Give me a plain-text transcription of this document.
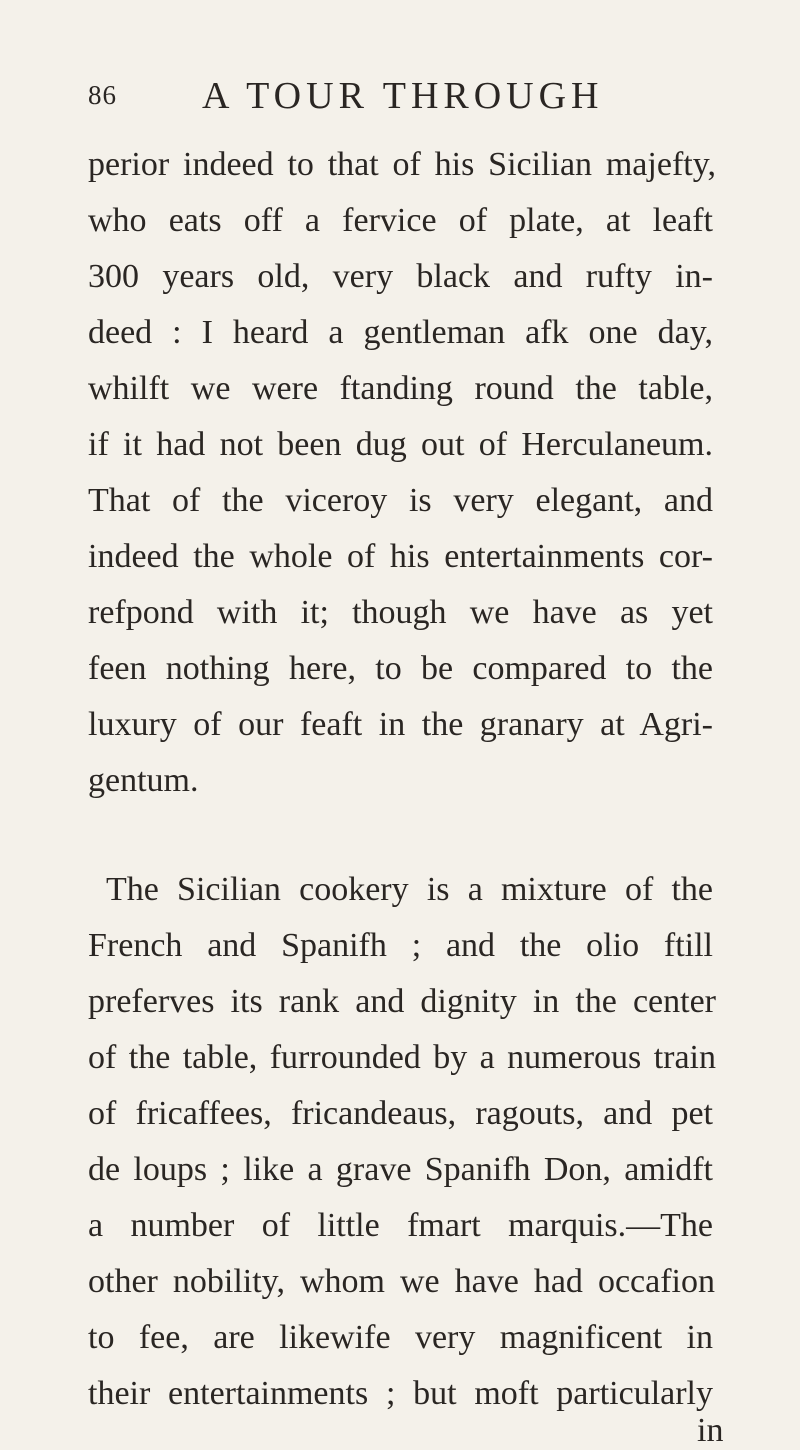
86 A TOUR THROUGH
perior indeed to that of his Sicilian majefty,
who eats off a fervice of plate, at leaft
300 years old, very black and rufty in-
deed : I heard a gentleman afk one day,
whilft we were ftanding round the table,
if it had not been dug out of Herculaneum.
That of the viceroy is very elegant, and
indeed the whole of his entertainments cor-
refpond with it; though we have as yet
feen nothing here, to be compared to the
luxury of our feaft in the granary at Agri-
gentum.
The Sicilian cookery is a mixture of the
French and Spanifh ; and the olio ftill
preferves its rank and dignity in the center
of the table, furrounded by a numerous train
of fricaffees, fricandeaus, ragouts, and pet
de loups ; like a grave Spanifh Don, amidft
a number of little fmart marquis.—The
other nobility, whom we have had occafion
to fee, are likewife very magnificent in
their entertainments ; but moft particularly
in
